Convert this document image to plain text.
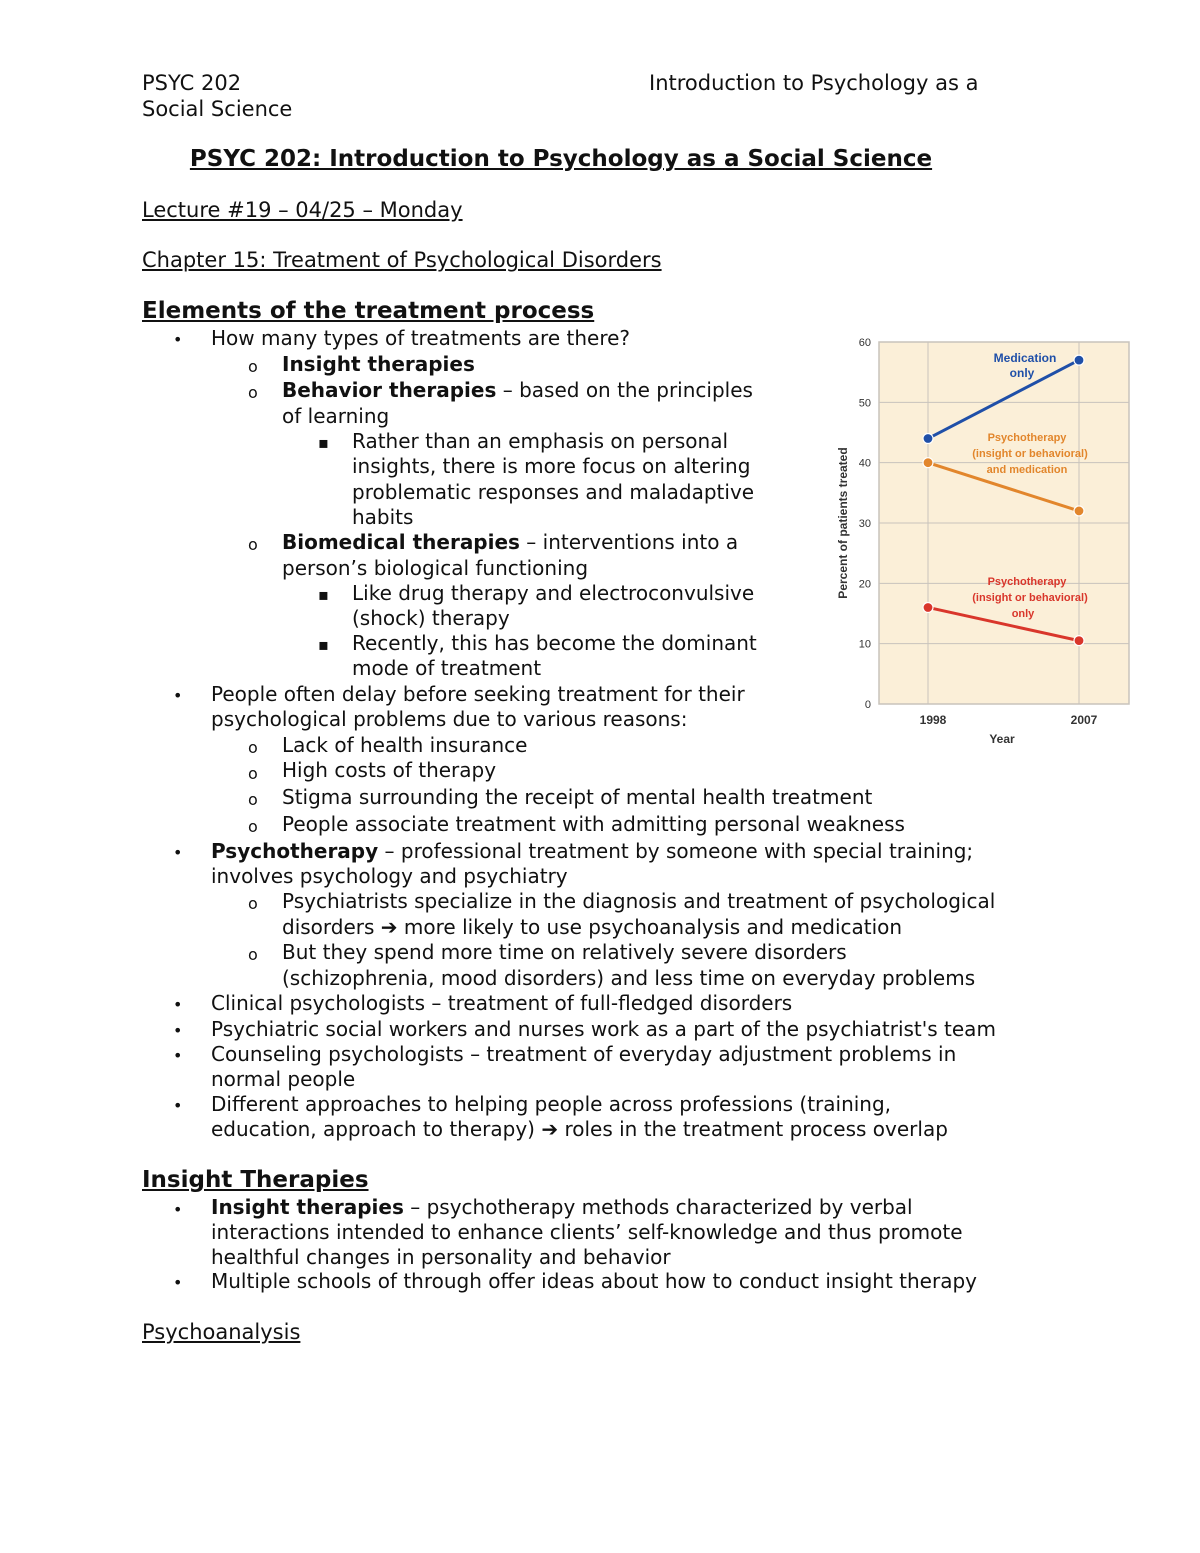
PSYC 202
Social Science
Introduction to Psychology as a
PSYC 202: Introduction to Psychology as a Social Science
Lecture #19 – 04/25 – Monday
Chapter 15: Treatment of Psychological Disorders
Elements of the treatment process
• How many types of treatments are there?
o Insight therapies
o Behavior therapies – based on the principles
of learning
▪ Rather than an emphasis on personal
insights, there is more focus on altering
problematic responses and maladaptive
habits
o Biomedical therapies – interventions into a
person’s biological functioning
▪ Like drug therapy and electroconvulsive
(shock) therapy
▪ Recently, this has become the dominant
mode of treatment
• People often delay before seeking treatment for their
psychological problems due to various reasons:
o Lack of health insurance
o High costs of therapy
o Stigma surrounding the receipt of mental health treatment
o People associate treatment with admitting personal weakness
• Psychotherapy – professional treatment by someone with special training;
involves psychology and psychiatry
o Psychiatrists specialize in the diagnosis and treatment of psychological
disorders ➔ more likely to use psychoanalysis and medication
o But they spend more time on relatively severe disorders
(schizophrenia, mood disorders) and less time on everyday problems
• Clinical psychologists – treatment of full-fledged disorders
• Psychiatric social workers and nurses work as a part of the psychiatrist's team
• Counseling psychologists – treatment of everyday adjustment problems in
normal people
• Different approaches to helping people across professions (training,
education, approach to therapy) ➔ roles in the treatment process overlap
Insight Therapies
• Insight therapies – psychotherapy methods characterized by verbal
interactions intended to enhance clients’ self-knowledge and thus promote
healthful changes in personality and behavior
• Multiple schools of through offer ideas about how to conduct insight therapy
Psychoanalysis
0
10
20
30
40
50
60
1998	2007
Percent of patients treated
Year
Medication
only
Psychotherapy
(insight or behavioral)
and medication
Psychotherapy
(insight or behavioral)
only
